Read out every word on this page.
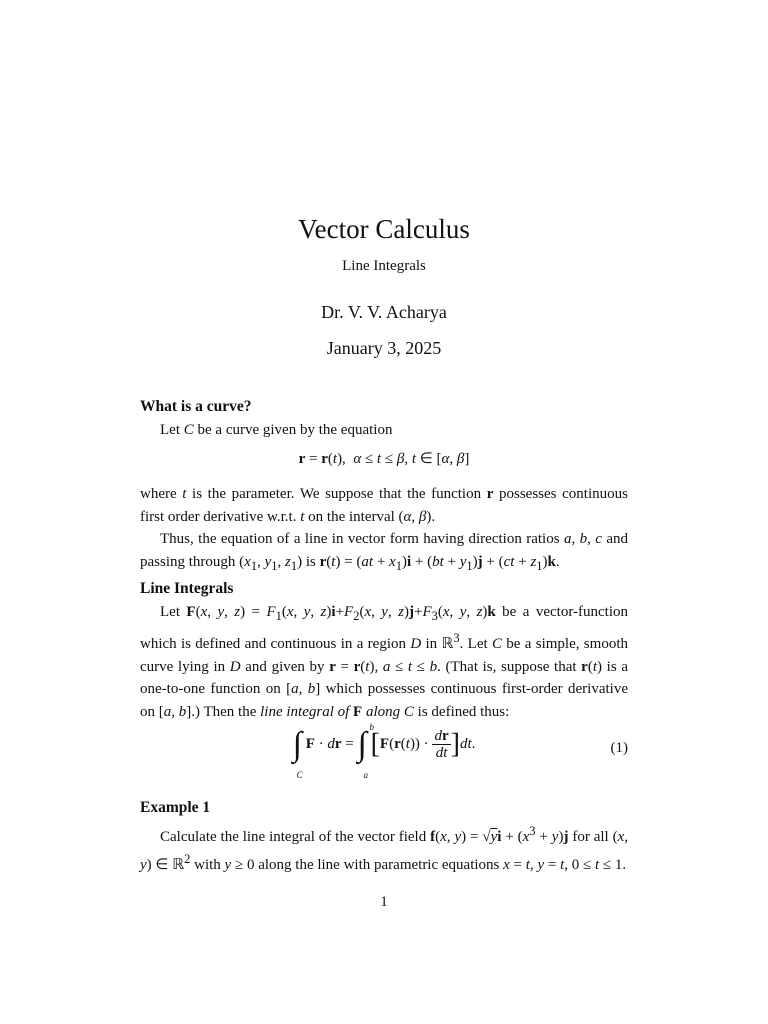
Vector Calculus
Line Integrals
Dr. V. V. Acharya
January 3, 2025
What is a curve?
Let C be a curve given by the equation
r = r(t),  α ≤ t ≤ β, t ∈ [α, β]
where t is the parameter. We suppose that the function r possesses continuous first order derivative w.r.t. t on the interval (α, β).
Thus, the equation of a line in vector form having direction ratios a, b, c and passing through ($x_1$, $y_1$, $z_1$) is $r(t) = (at + x_1)i + (bt + y_1)j + (ct + z_1)k$.
Line Integrals
Let F(x, y, $z) = F_1(x$, y, $z)i+F_2(x$, y, $z)j+F_3(x$, y, z)k be a vector-function which is defined and continuous in a region D in ℝ$^3$. Let C be a simple, smooth curve lying in D and given by r = r(t), a ≤ t ≤ b. (That is, suppose that r(t) is a one-to-one function on [a, b] which possesses continuous first-order derivative on [a, b].) Then the line integral of F along C is defined thus:
∫
C
F · dr = ∫ b
a
$[F(r(t)) \cdot \frac{dr}{dt} ]dt$.	(1)
Example 1
Calculate the line integral of the vector field f(x, $y) = √yi + (x^3 + y)j$ for all (x, y) ∈ ℝ$^2$ with y ≥ 0 along the line with parametric equations x = t, y = t, 0 ≤ t ≤ 1.
1
